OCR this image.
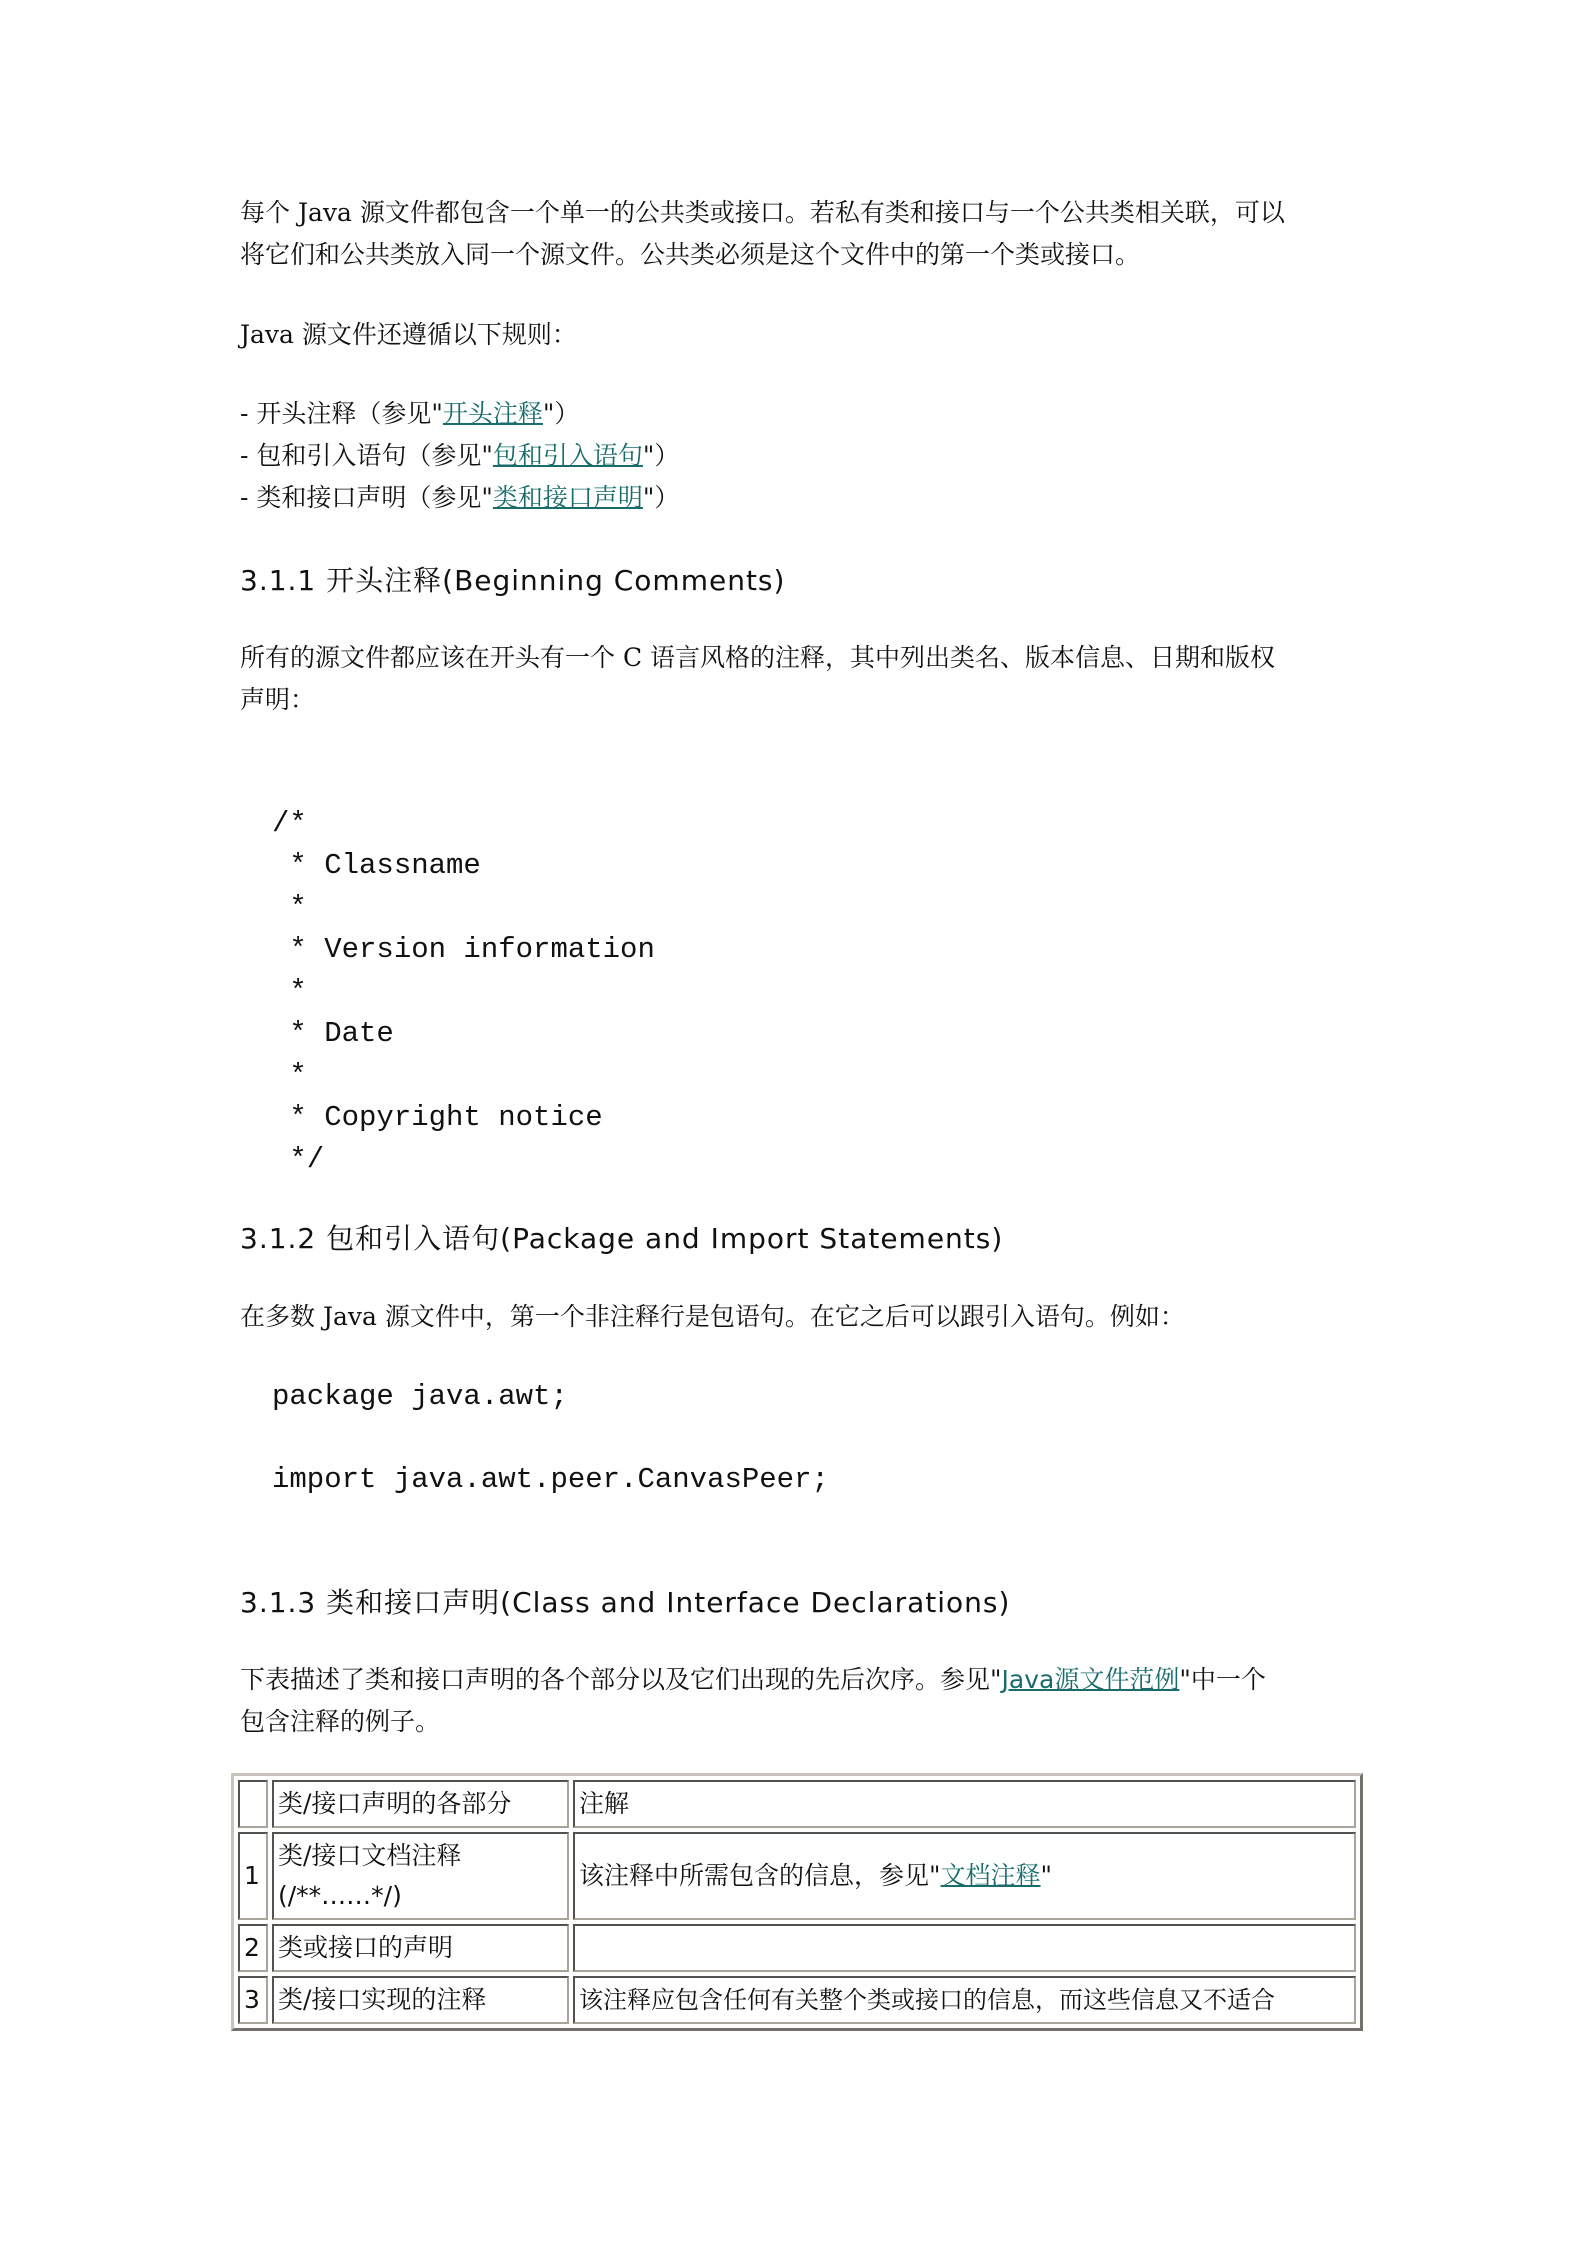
每个 Java 源文件都包含一个单一的公共类或接口。若私有类和接口与一个公共类相关联，可以
将它们和公共类放入同一个源文件。公共类必须是这个文件中的第一个类或接口。
Java 源文件还遵循以下规则：
- 开头注释（参见"开头注释"）
- 包和引入语句（参见"包和引入语句"）
- 类和接口声明（参见"类和接口声明"）
3.1.1 开头注释(Beginning Comments)
所有的源文件都应该在开头有一个 C 语言风格的注释，其中列出类名、版本信息、日期和版权
声明：

/*
* Classname
*
* Version information
*
* Date
*
* Copyright notice
*/

3.1.2 包和引入语句(Package and Import Statements)
在多数 Java 源文件中，第一个非注释行是包语句。在它之后可以跟引入语句。例如：
package java.awt;
import java.awt.peer.CanvasPeer;
3.1.3 类和接口声明(Class and Interface Declarations)
下表描述了类和接口声明的各个部分以及它们出现的先后次序。参见"Java源文件范例"中一个
包含注释的例子。
	类/接口声明的各部分	注解
1	类/接口文档注释
(/**……*/)	该注释中所需包含的信息，参见"文档注释"
2	类或接口的声明	
3	类/接口实现的注释	该注释应包含任何有关整个类或接口的信息，而这些信息又不适合
